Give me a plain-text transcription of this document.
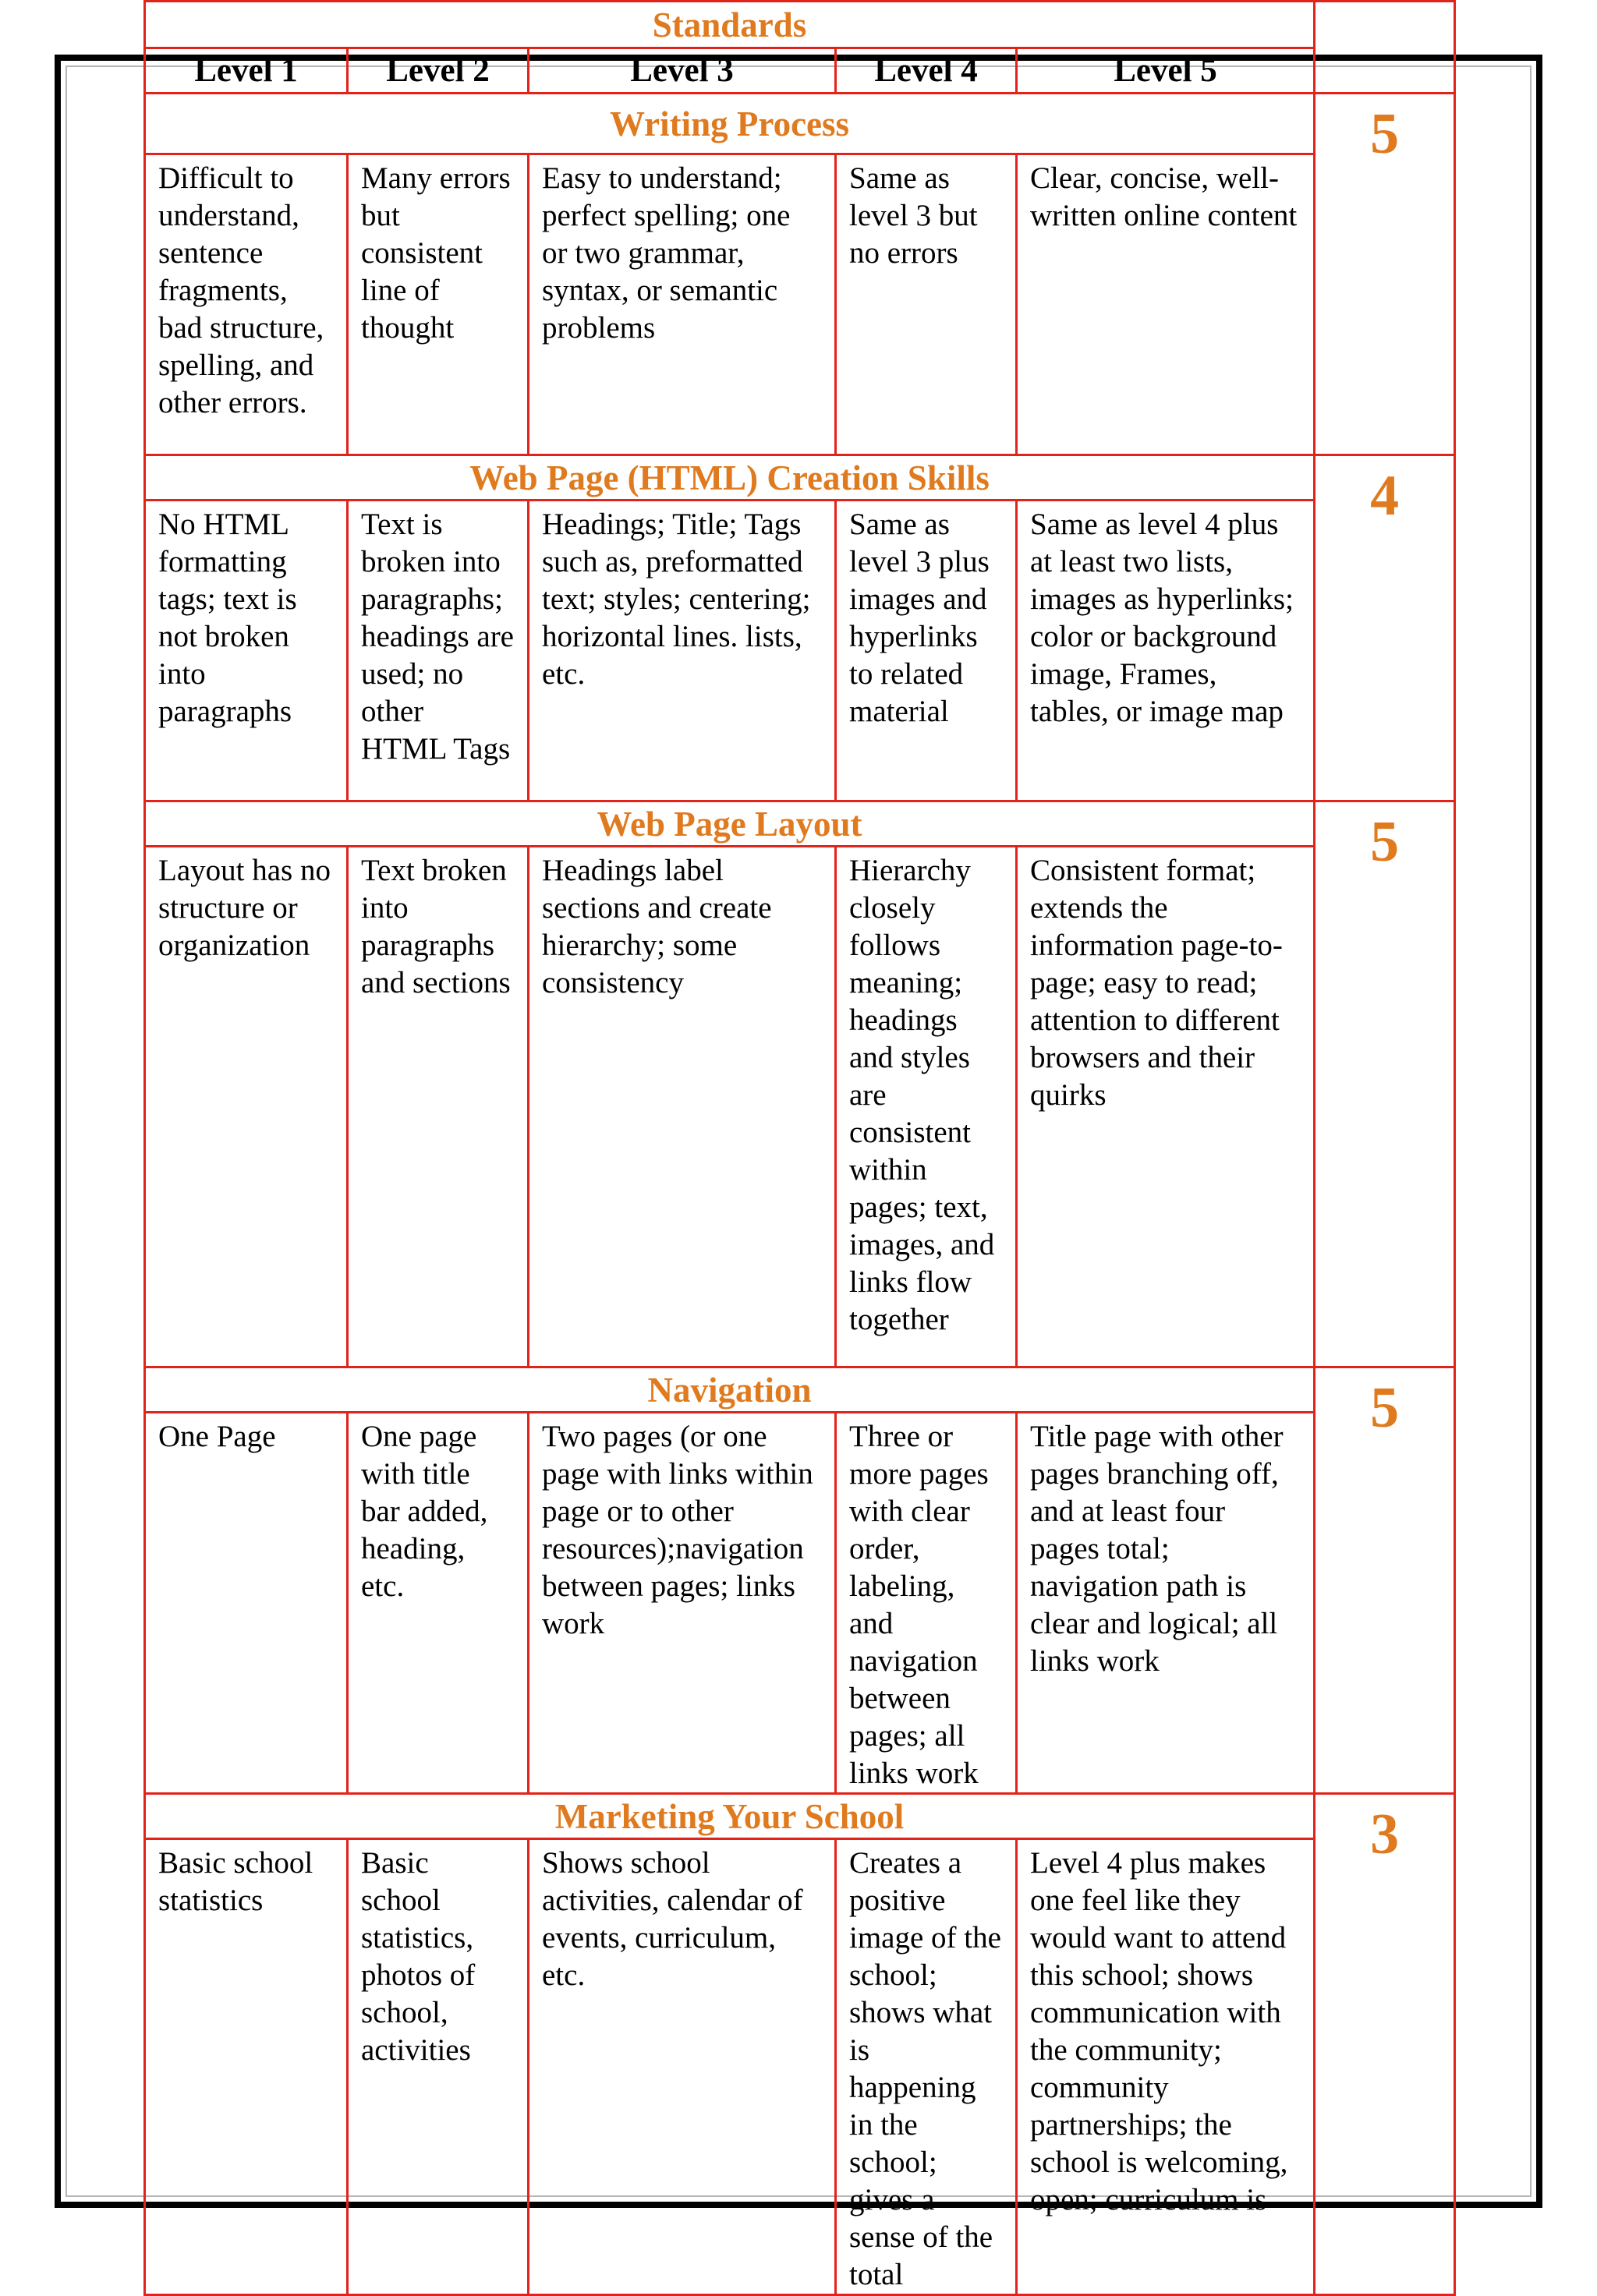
Standards					
Level 1	Level 2	Level 3	Level 4	Level 5	
Writing Process					5
Difficult to understand, sentence fragments, bad structure, spelling, and other errors.	Many errors but consistent line of thought	Easy to understand; perfect spelling; one or two grammar, syntax, or semantic problems	Same as level 3 but no errors	Clear, concise, well-written online content	
Web Page (HTML) Creation Skills					4
No HTML formatting tags; text is not broken into paragraphs	Text is broken into paragraphs; headings are used; no other HTML Tags	Headings; Title; Tags such as, preformatted text; styles; centering; horizontal lines. lists, etc.	Same as level 3 plus images and hyperlinks to related material	Same as level 4 plus at least two lists, images as hyperlinks; color or background image, Frames, tables, or image map	
Web Page Layout					5
Layout has no structure or organization	Text broken into paragraphs and sections	Headings label sections and create hierarchy; some consistency	Hierarchy closely follows meaning; headings and styles are consistent within pages; text, images, and links flow together	Consistent format; extends the information page-to-page; easy to read; attention to different browsers and their quirks	
Navigation					5
One Page	One page with title bar added, heading, etc.	Two pages (or one page with links within page or to other resources);navigation between pages; links work	Three or more pages with clear order, labeling, and navigation between pages; all links work	Title page with other pages branching off, and at least four pages total; navigation path is clear and logical; all links work	
Marketing Your School					3
Basic school statistics	Basic school statistics, photos of school, activities	Shows school activities, calendar of events, curriculum, etc.	Creates a positive image of the school; shows what is happening in the school; gives a sense of the total	Level 4 plus makes one feel like they would want to attend this school; shows communication with the community; community partnerships; the school is welcoming, open; curriculum is	
